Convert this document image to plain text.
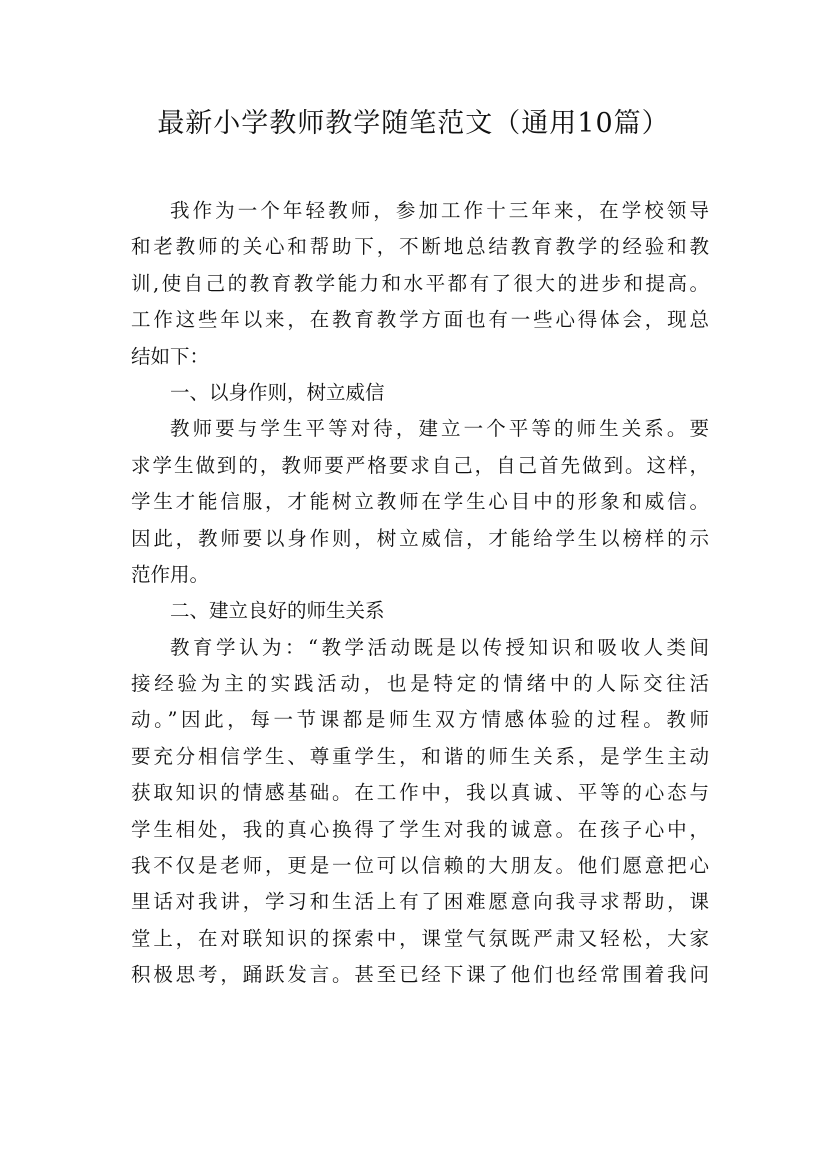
最新小学教师教学随笔范文（通用10篇）
我作为一个年轻教师，参加工作十三年来，在学校领导
和老教师的关心和帮助下，不断地总结教育教学的经验和教
训,使自己的教育教学能力和水平都有了很大的进步和提高。
工作这些年以来，在教育教学方面也有一些心得体会，现总
结如下：
一、以身作则，树立威信
教师要与学生平等对待，建立一个平等的师生关系。要
求学生做到的，教师要严格要求自己，自己首先做到。这样，
学生才能信服，才能树立教师在学生心目中的形象和威信。
因此，教师要以身作则，树立威信，才能给学生以榜样的示
范作用。
二、建立良好的师生关系
教育学认为：“教学活动既是以传授知识和吸收人类间
接经验为主的实践活动，也是特定的情绪中的人际交往活
动。”因此，每一节课都是师生双方情感体验的过程。教师
要充分相信学生、尊重学生，和谐的师生关系，是学生主动
获取知识的情感基础。在工作中，我以真诚、平等的心态与
学生相处，我的真心换得了学生对我的诚意。在孩子心中，
我不仅是老师，更是一位可以信赖的大朋友。他们愿意把心
里话对我讲，学习和生活上有了困难愿意向我寻求帮助，课
堂上，在对联知识的探索中，课堂气氛既严肃又轻松，大家
积极思考，踊跃发言。甚至已经下课了他们也经常围着我问
